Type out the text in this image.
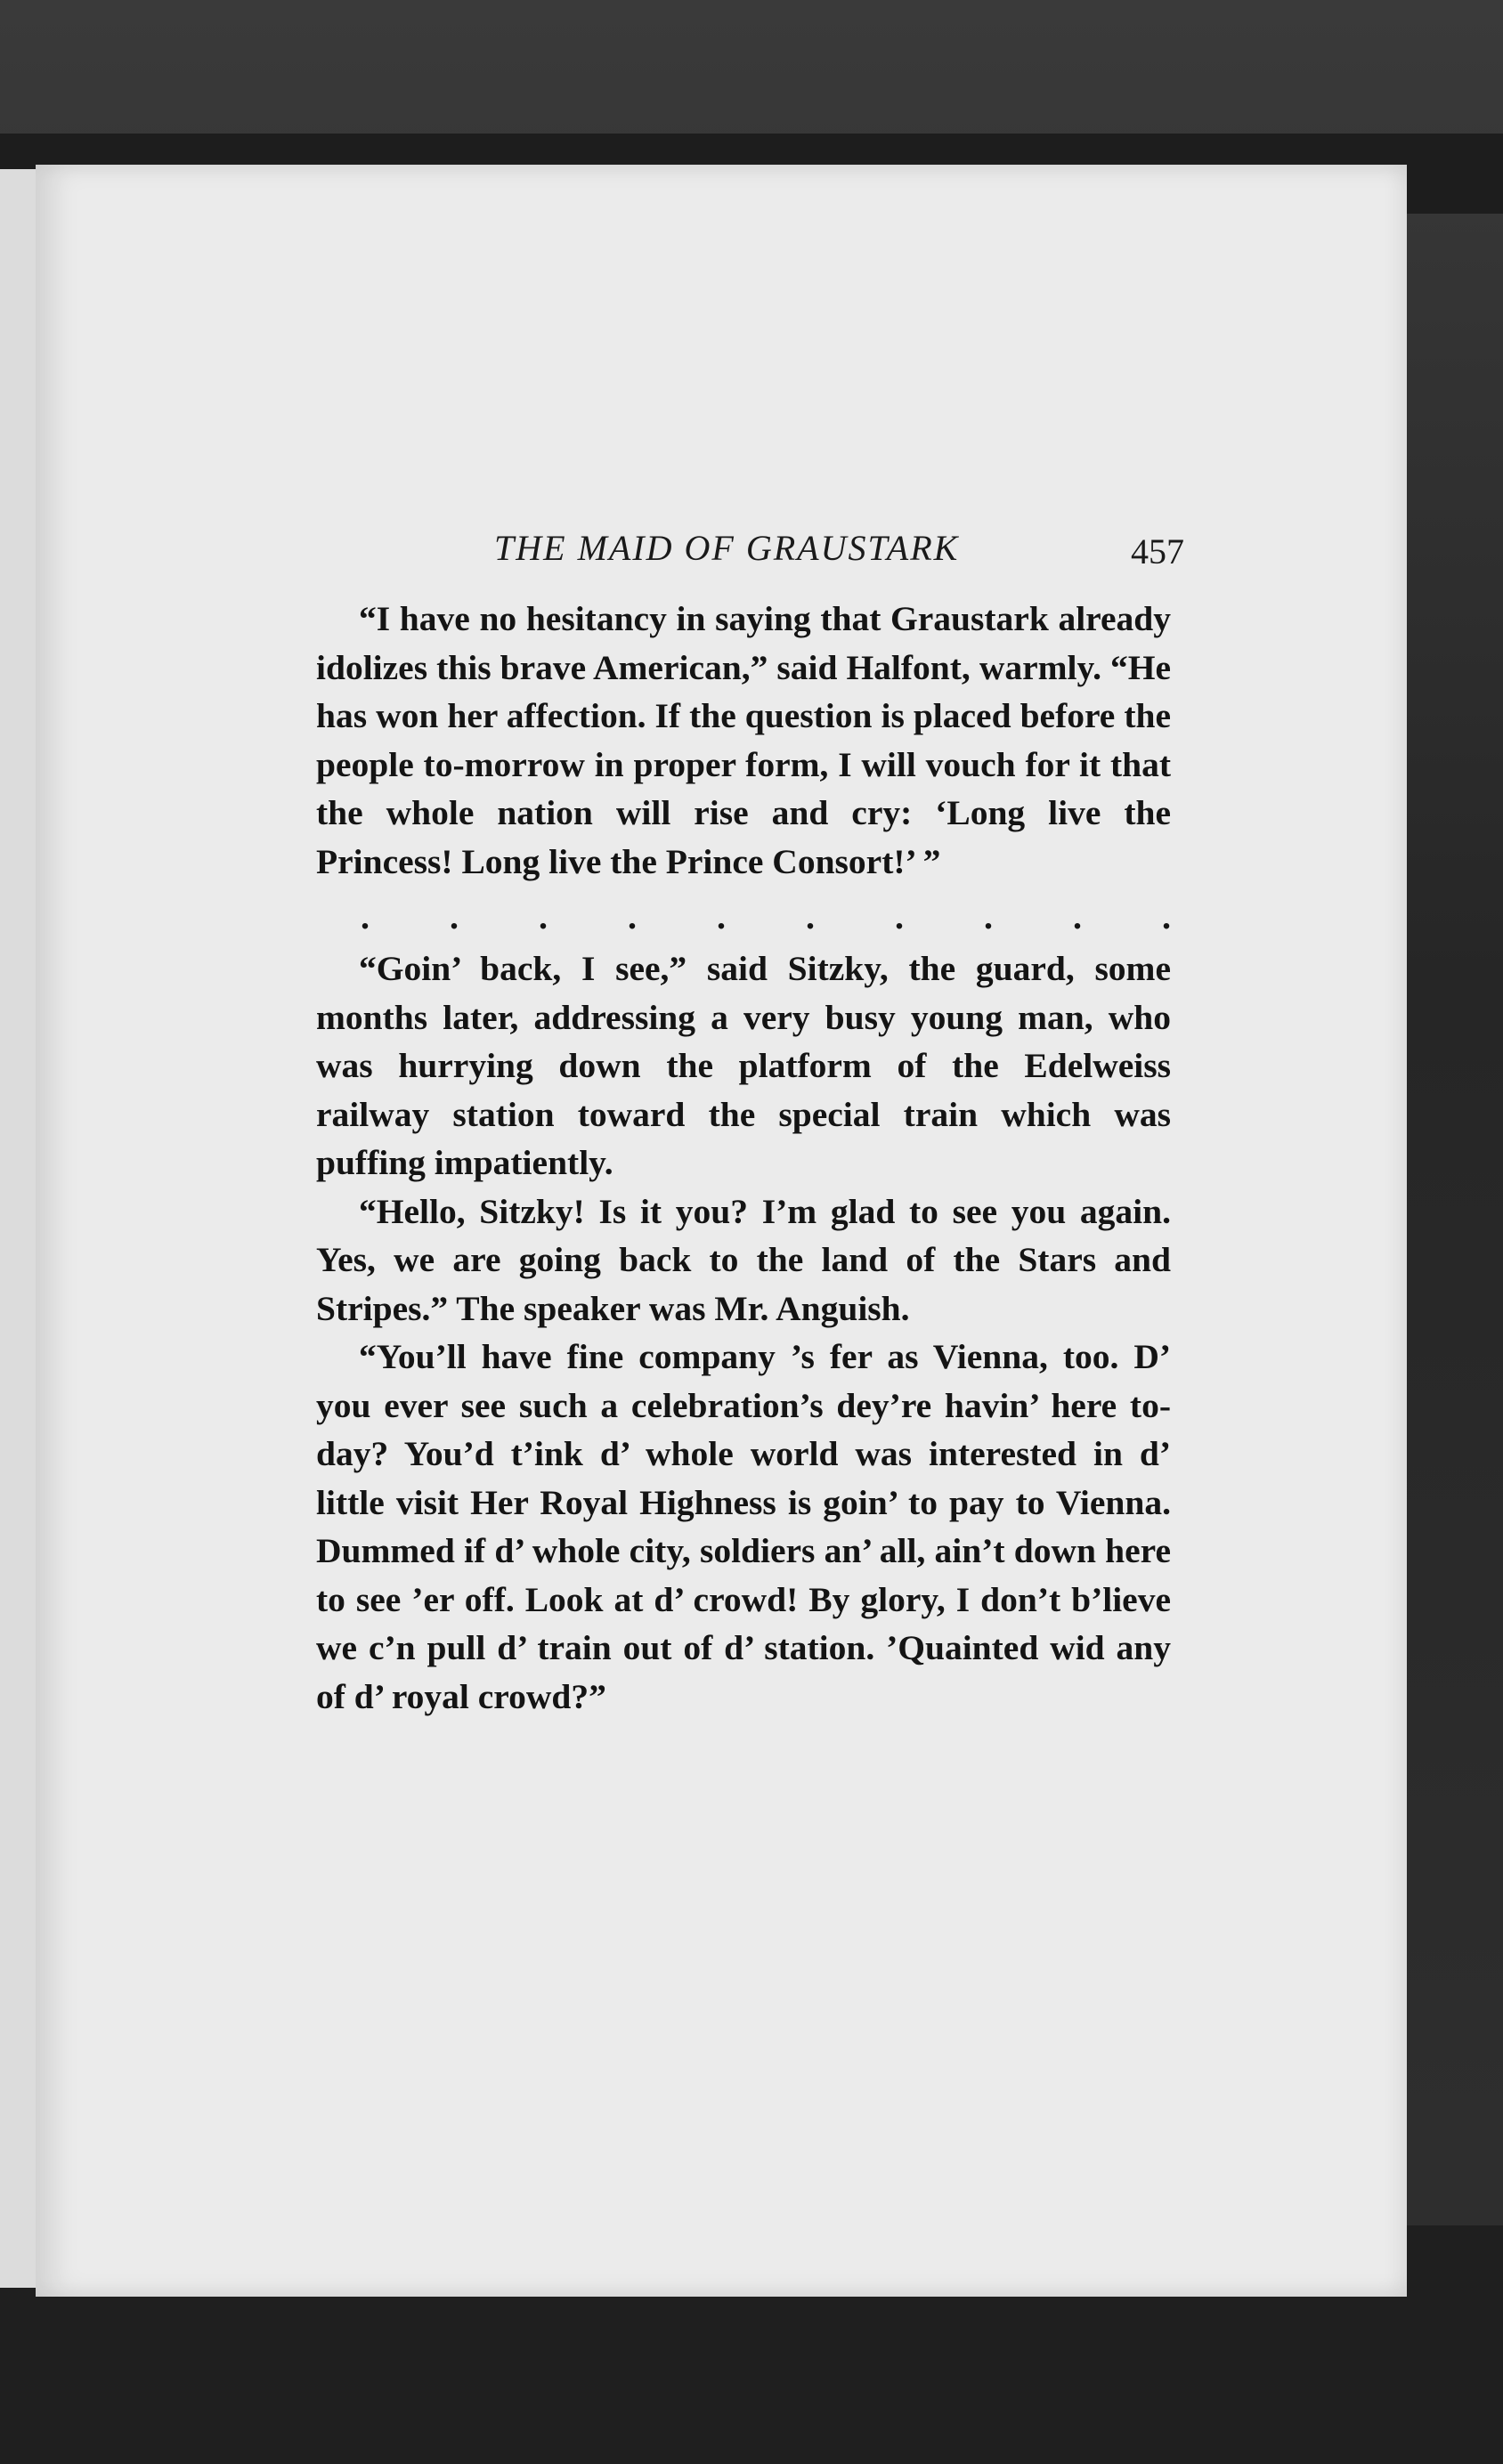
THE MAID OF GRAUSTARK	457

“I have no hesitancy in saying that Graustark already idolizes this brave American,” said Halfont, warmly. “He has won her affection. If the question is placed before the people to-morrow in proper form, I will vouch for it that the whole nation will rise and cry: ‘Long live the Princess! Long live the Prince Consort!’ ”

. . . . . . . . . .

“Goin’ back, I see,” said Sitzky, the guard, some months later, addressing a very busy young man, who was hurrying down the platform of the Edelweiss railway station toward the special train which was puffing impatiently.

“Hello, Sitzky! Is it you? I’m glad to see you again. Yes, we are going back to the land of the Stars and Stripes.” The speaker was Mr. Anguish.

“You’ll have fine company ’s fer as Vienna, too. D’ you ever see such a celebration’s dey’re havin’ here to-day? You’d t’ink d’ whole world was interested in d’ little visit Her Royal Highness is goin’ to pay to Vienna. Dummed if d’ whole city, soldiers an’ all, ain’t down here to see ’er off. Look at d’ crowd! By glory, I don’t b’lieve we c’n pull d’ train out of d’ station. ’Quainted wid any of d’ royal crowd?”
